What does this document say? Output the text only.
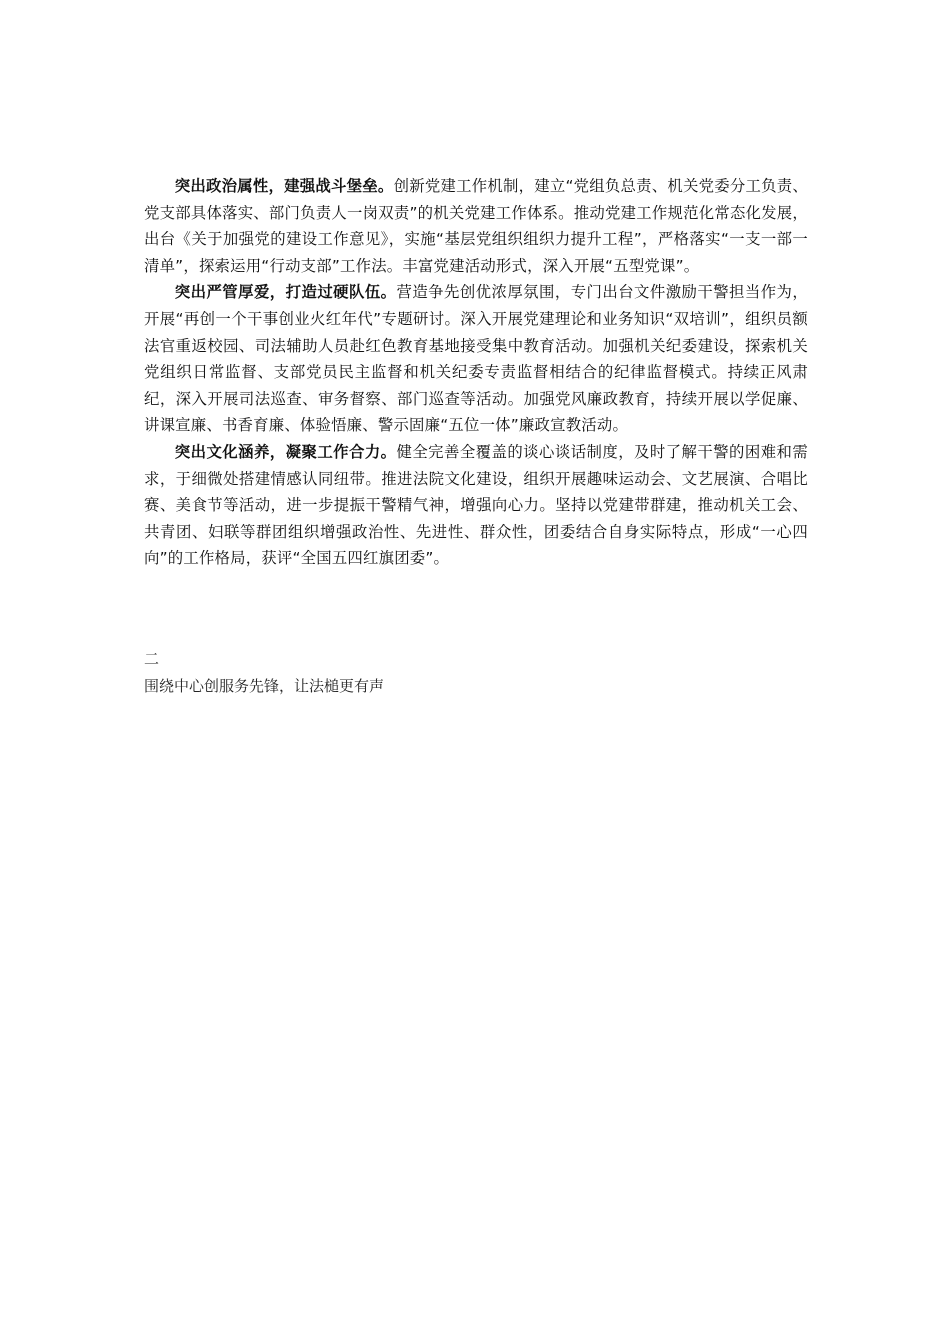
突出政治属性，建强战斗堡垒。创新党建工作机制，建立“党组负总责、机关党委分工负责、党支部具体落实、部门负责人一岗双责”的机关党建工作体系。推动党建工作规范化常态化发展，出台《关于加强党的建设工作意见》，实施“基层党组织组织力提升工程”，严格落实“一支一部一清单”，探索运用“行动支部”工作法。丰富党建活动形式，深入开展“五型党课”。

突出严管厚爱，打造过硬队伍。营造争先创优浓厚氛围，专门出台文件激励干警担当作为，开展“再创一个干事创业火红年代”专题研讨。深入开展党建理论和业务知识“双培训”，组织员额法官重返校园、司法辅助人员赴红色教育基地接受集中教育活动。加强机关纪委建设，探索机关党组织日常监督、支部党员民主监督和机关纪委专责监督相结合的纪律监督模式。持续正风肃纪，深入开展司法巡查、审务督察、部门巡查等活动。加强党风廉政教育，持续开展以学促廉、讲课宣廉、书香育廉、体验悟廉、警示固廉“五位一体”廉政宣教活动。

突出文化涵养，凝聚工作合力。健全完善全覆盖的谈心谈话制度，及时了解干警的困难和需求，于细微处搭建情感认同纽带。推进法院文化建设，组织开展趣味运动会、文艺展演、合唱比赛、美食节等活动，进一步提振干警精气神，增强向心力。坚持以党建带群建，推动机关工会、共青团、妇联等群团组织增强政治性、先进性、群众性，团委结合自身实际特点，形成“一心四向”的工作格局，获评“全国五四红旗团委”。

二
围绕中心创服务先锋，让法槌更有声
